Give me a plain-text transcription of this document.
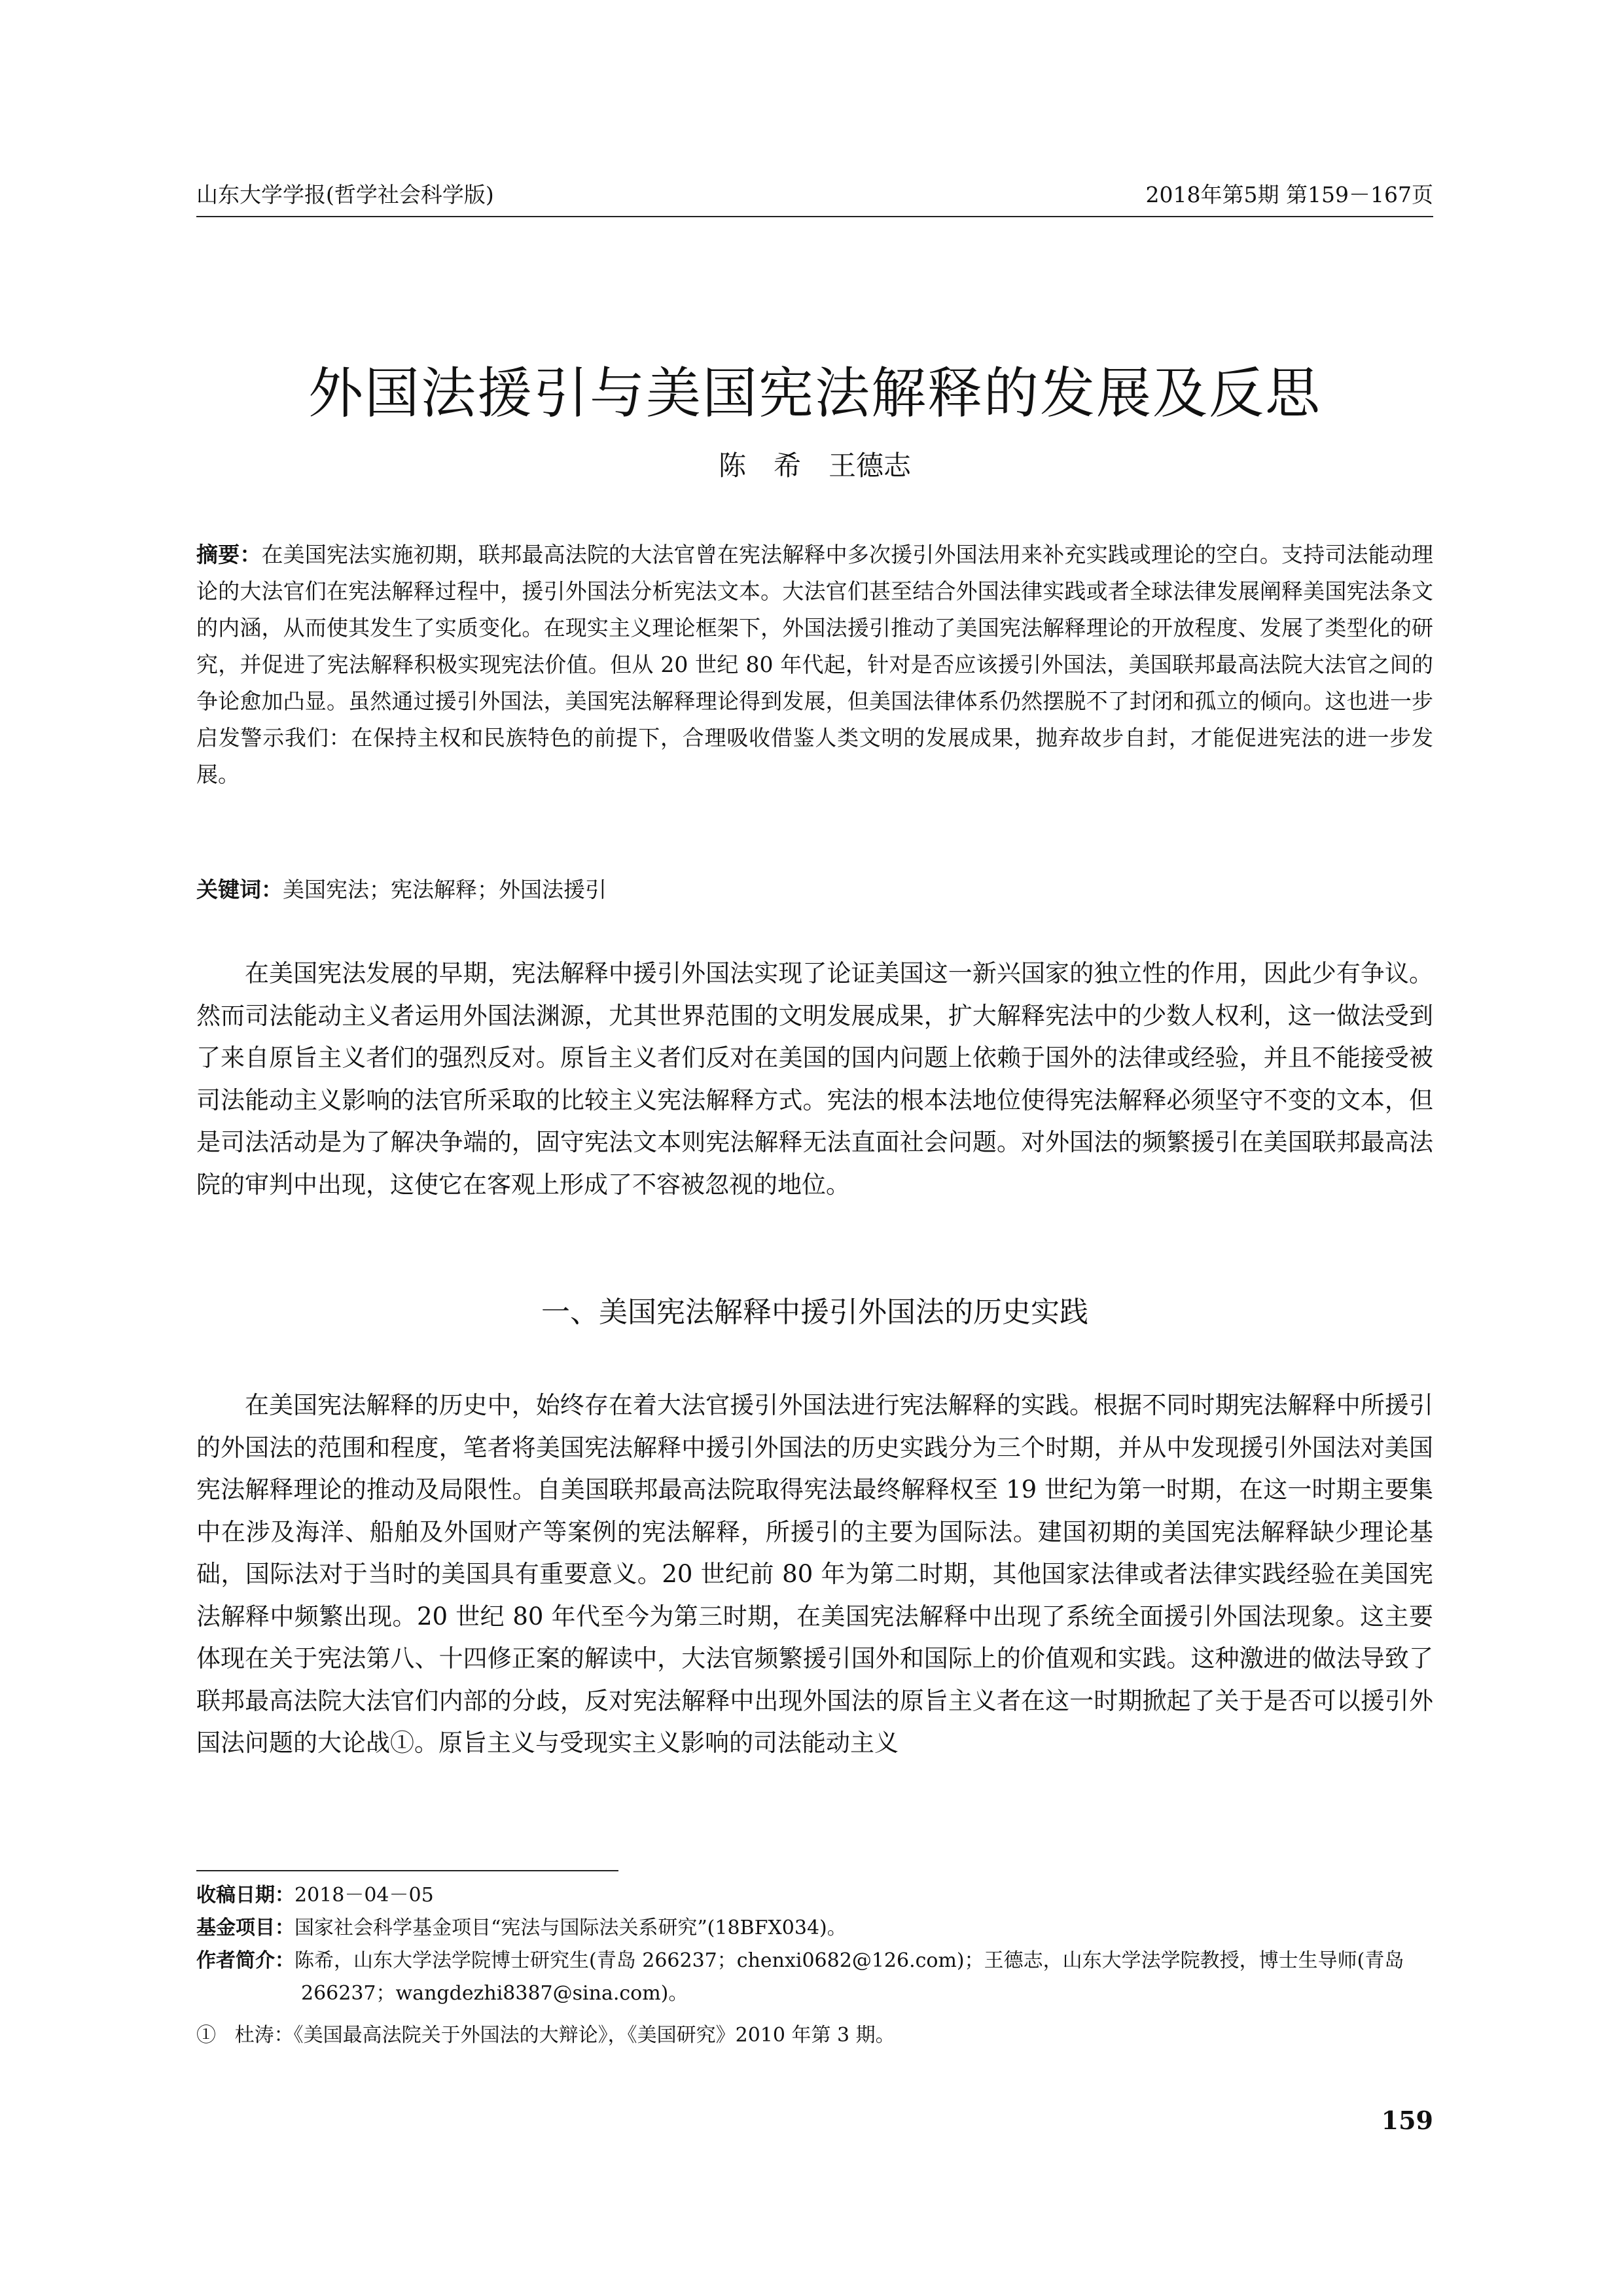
山东大学学报(哲学社会科学版)	2018年第5期 第159－167页
外国法援引与美国宪法解释的发展及反思
陈　希　王德志
摘要：在美国宪法实施初期，联邦最高法院的大法官曾在宪法解释中多次援引外国法用来补充实践或理论的空白。支持司法能动理论的大法官们在宪法解释过程中，援引外国法分析宪法文本。大法官们甚至结合外国法律实践或者全球法律发展阐释美国宪法条文的内涵，从而使其发生了实质变化。在现实主义理论框架下，外国法援引推动了美国宪法解释理论的开放程度、发展了类型化的研究，并促进了宪法解释积极实现宪法价值。但从 20 世纪 80 年代起，针对是否应该援引外国法，美国联邦最高法院大法官之间的争论愈加凸显。虽然通过援引外国法，美国宪法解释理论得到发展，但美国法律体系仍然摆脱不了封闭和孤立的倾向。这也进一步启发警示我们：在保持主权和民族特色的前提下，合理吸收借鉴人类文明的发展成果，抛弃故步自封，才能促进宪法的进一步发展。
关键词：美国宪法；宪法解释；外国法援引

在美国宪法发展的早期，宪法解释中援引外国法实现了论证美国这一新兴国家的独立性的作用，因此少有争议。然而司法能动主义者运用外国法渊源，尤其世界范围的文明发展成果，扩大解释宪法中的少数人权利，这一做法受到了来自原旨主义者们的强烈反对。原旨主义者们反对在美国的国内问题上依赖于国外的法律或经验，并且不能接受被司法能动主义影响的法官所采取的比较主义宪法解释方式。宪法的根本法地位使得宪法解释必须坚守不变的文本，但是司法活动是为了解决争端的，固守宪法文本则宪法解释无法直面社会问题。对外国法的频繁援引在美国联邦最高法院的审判中出现，这使它在客观上形成了不容被忽视的地位。

一、美国宪法解释中援引外国法的历史实践

在美国宪法解释的历史中，始终存在着大法官援引外国法进行宪法解释的实践。根据不同时期宪法解释中所援引的外国法的范围和程度，笔者将美国宪法解释中援引外国法的历史实践分为三个时期，并从中发现援引外国法对美国宪法解释理论的推动及局限性。自美国联邦最高法院取得宪法最终解释权至 19 世纪为第一时期，在这一时期主要集中在涉及海洋、船舶及外国财产等案例的宪法解释，所援引的主要为国际法。建国初期的美国宪法解释缺少理论基础，国际法对于当时的美国具有重要意义。20 世纪前 80 年为第二时期，其他国家法律或者法律实践经验在美国宪法解释中频繁出现。20 世纪 80 年代至今为第三时期，在美国宪法解释中出现了系统全面援引外国法现象。这主要体现在关于宪法第八、十四修正案的解读中，大法官频繁援引国外和国际上的价值观和实践。这种激进的做法导致了联邦最高法院大法官们内部的分歧，反对宪法解释中出现外国法的原旨主义者在这一时期掀起了关于是否可以援引外国法问题的大论战①。原旨主义与受现实主义影响的司法能动主义

收稿日期：2018－04－05
基金项目：国家社会科学基金项目“宪法与国际法关系研究”(18BFX034)。
作者简介：陈希，山东大学法学院博士研究生(青岛 266237；chenxi0682@126.com)；王德志，山东大学法学院教授，博士生导师(青岛 266237；wangdezhi8387@sina.com)。
① 杜涛：《美国最高法院关于外国法的大辩论》，《美国研究》2010 年第 3 期。
159
